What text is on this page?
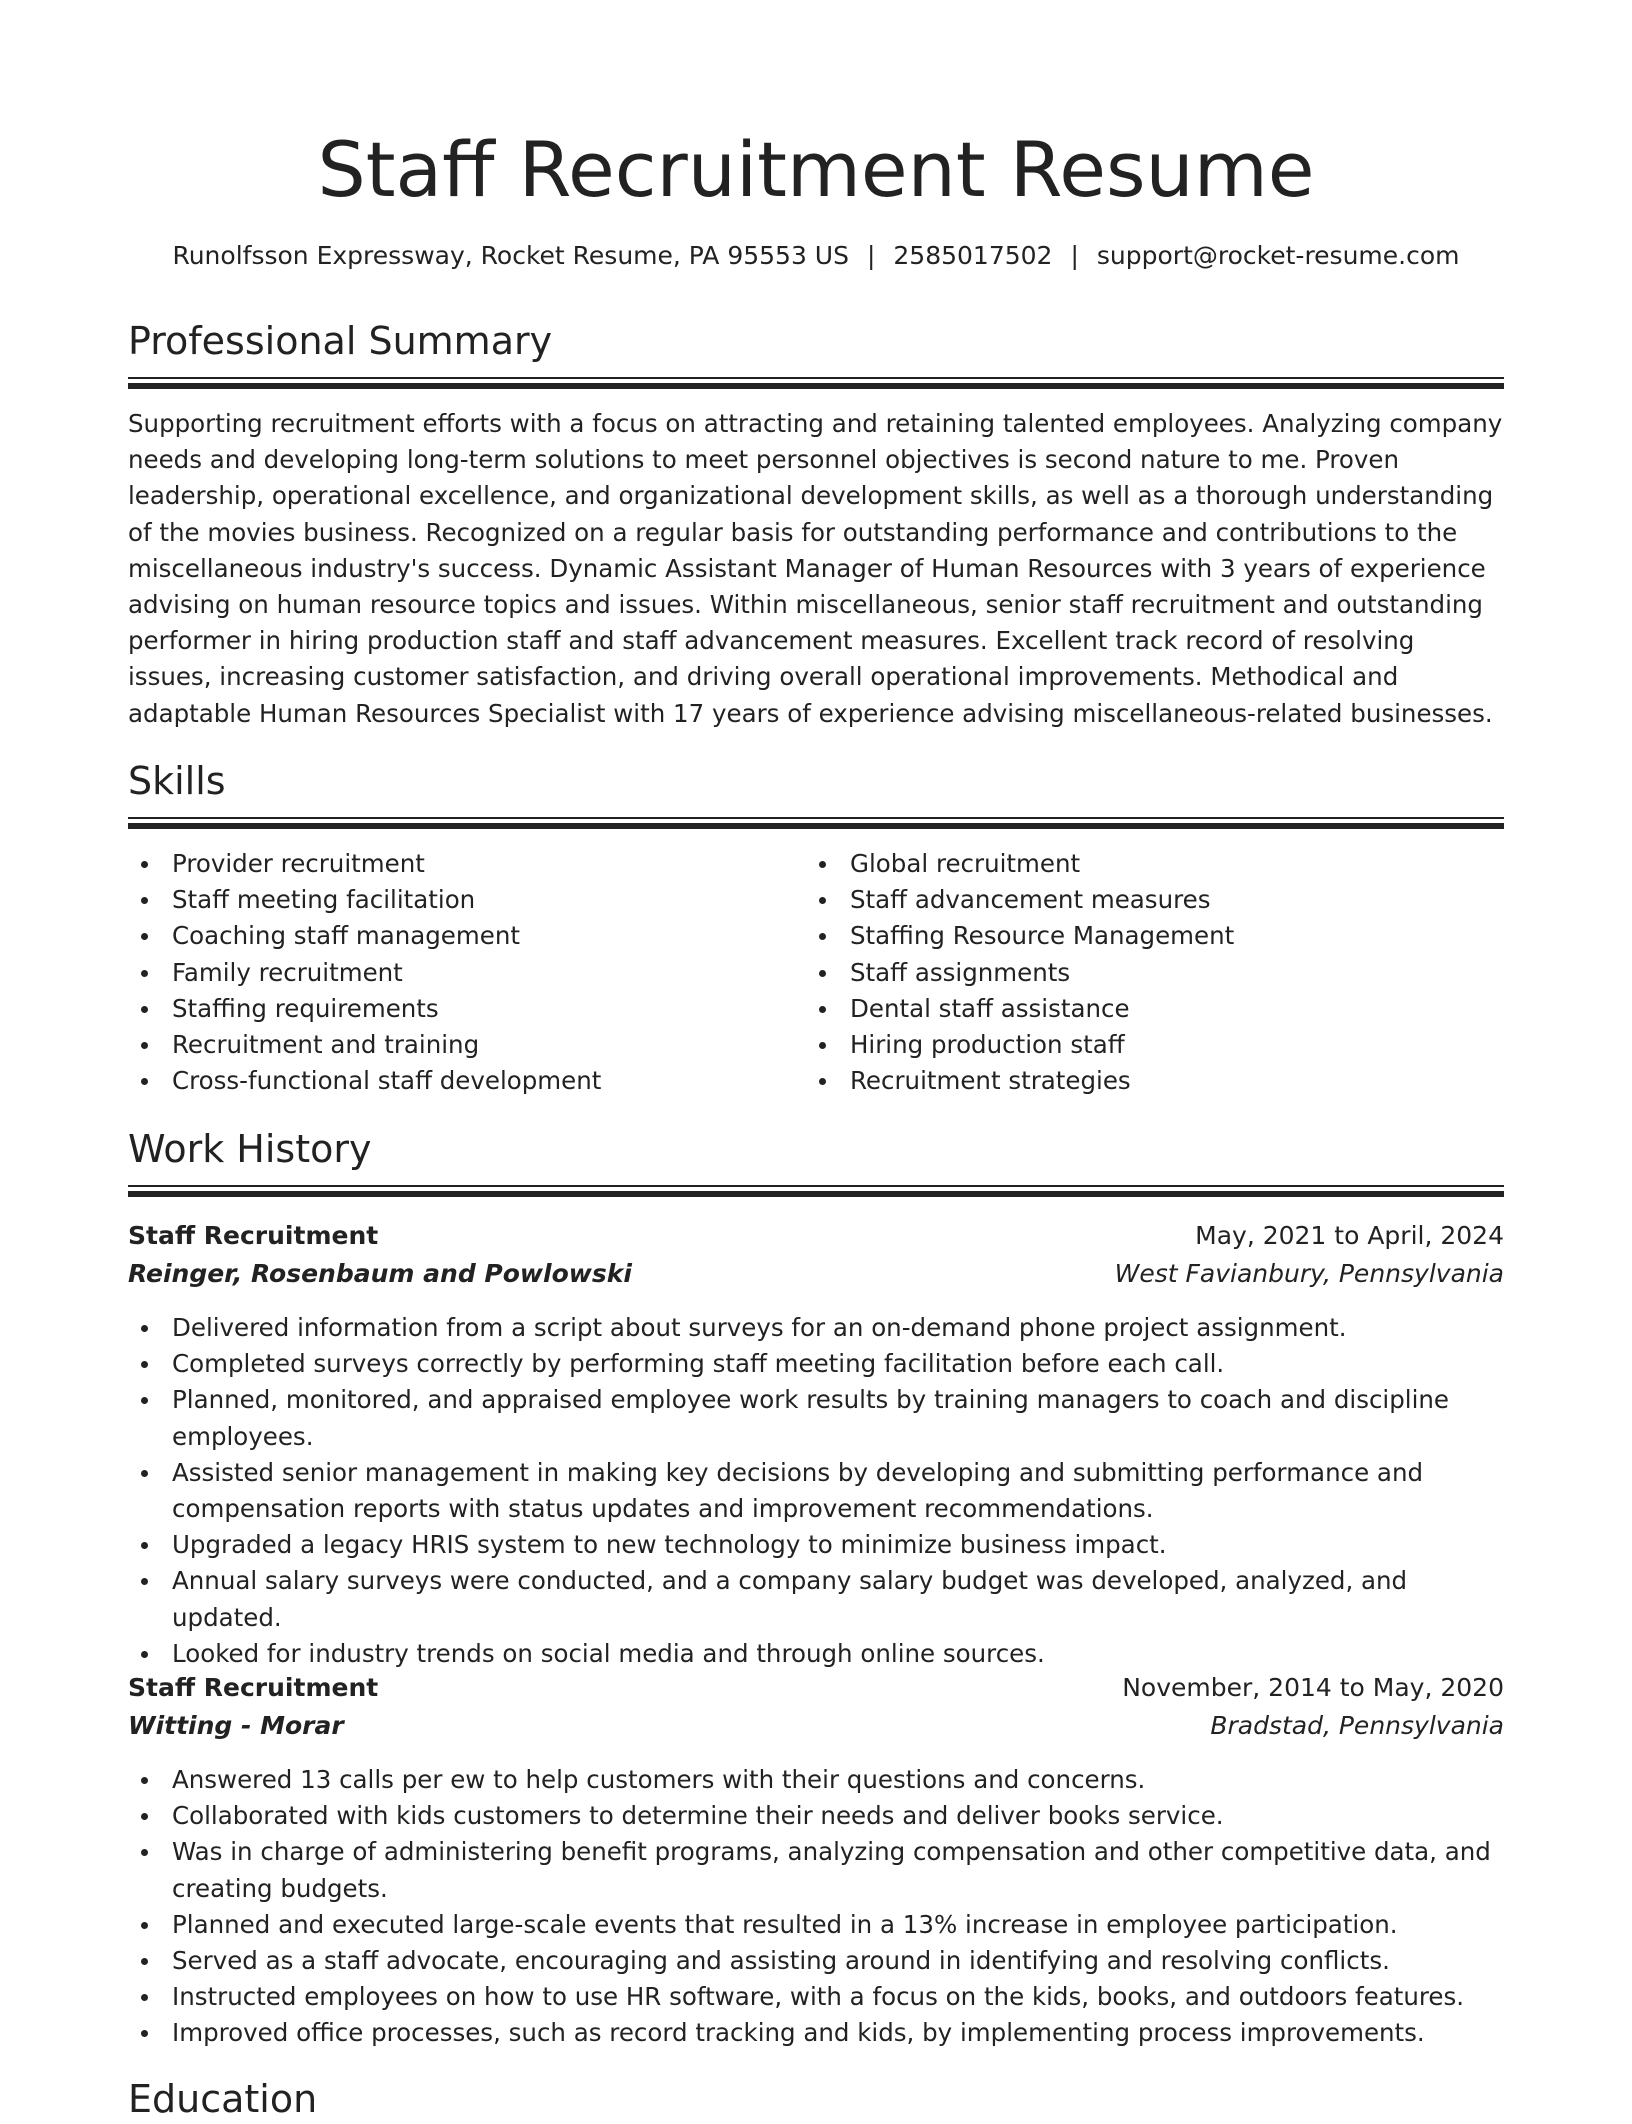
Staff Recruitment Resume
Runolfsson Expressway, Rocket Resume, PA 95553 US | 2585017502 | support@rocket-resume.com
Professional Summary

Supporting recruitment efforts with a focus on attracting and retaining talented employees. Analyzing company needs and developing long-term solutions to meet personnel objectives is second nature to me. Proven leadership, operational excellence, and organizational development skills, as well as a thorough understanding of the movies business. Recognized on a regular basis for outstanding performance and contributions to the miscellaneous industry's success. Dynamic Assistant Manager of Human Resources with 3 years of experience advising on human resource topics and issues. Within miscellaneous, senior staff recruitment and outstanding performer in hiring production staff and staff advancement measures. Excellent track record of resolving issues, increasing customer satisfaction, and driving overall operational improvements. Methodical and adaptable Human Resources Specialist with 17 years of experience advising miscellaneous-related businesses.

Skills
Provider recruitment
Staff meeting facilitation
Coaching staff management
Family recruitment
Staffing requirements
Recruitment and training
Cross-functional staff development
Global recruitment
Staff advancement measures
Staffing Resource Management
Staff assignments
Dental staff assistance
Hiring production staff
Recruitment strategies
Work History
Staff Recruitment	May, 2021 to April, 2024
Reinger, Rosenbaum and Powlowski	West Favianbury, Pennsylvania
Delivered information from a script about surveys for an on-demand phone project assignment.
Completed surveys correctly by performing staff meeting facilitation before each call.
Planned, monitored, and appraised employee work results by training managers to coach and discipline employees.
Assisted senior management in making key decisions by developing and submitting performance and compensation reports with status updates and improvement recommendations.
Upgraded a legacy HRIS system to new technology to minimize business impact.
Annual salary surveys were conducted, and a company salary budget was developed, analyzed, and updated.
Looked for industry trends on social media and through online sources.
Staff Recruitment	November, 2014 to May, 2020
Witting - Morar	Bradstad, Pennsylvania
Answered 13 calls per ew to help customers with their questions and concerns.
Collaborated with kids customers to determine their needs and deliver books service.
Was in charge of administering benefit programs, analyzing compensation and other competitive data, and creating budgets.
Planned and executed large-scale events that resulted in a 13% increase in employee participation.
Served as a staff advocate, encouraging and assisting around in identifying and resolving conflicts.
Instructed employees on how to use HR software, with a focus on the kids, books, and outdoors features.
Improved office processes, such as record tracking and kids, by implementing process improvements.
Education
